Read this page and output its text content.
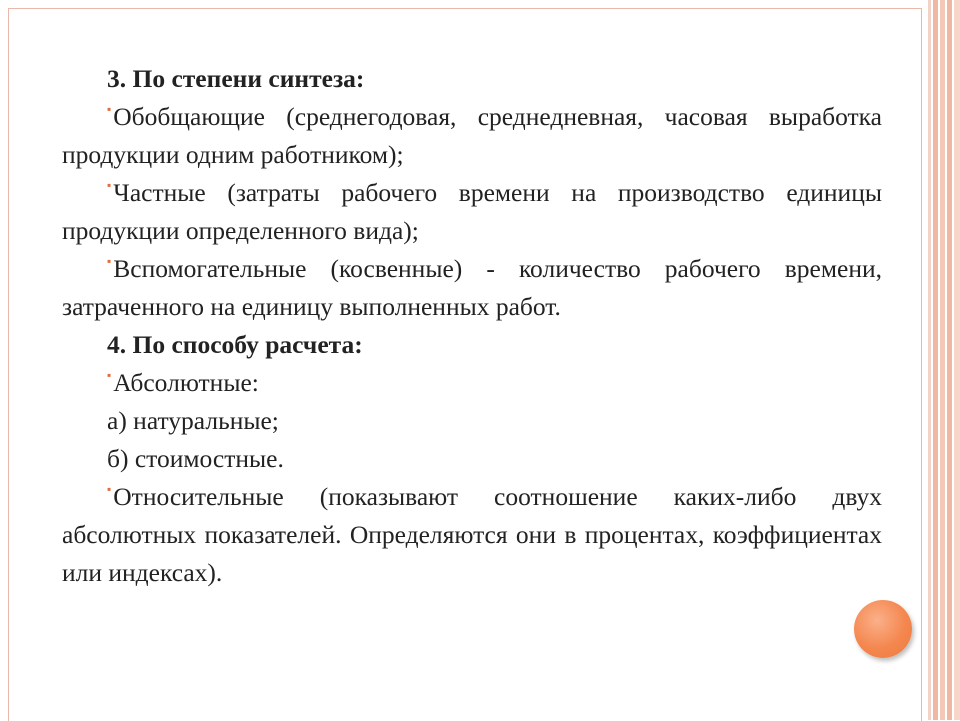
3. По степени синтеза:

▪Обобщающие (среднегодовая, среднедневная, часовая выработка продукции одним работником);

▪Частные (затраты рабочего времени на производство единицы продукции определенного вида);

▪Вспомогательные (косвенные) - количество рабочего времени, затраченного на единицу выполненных работ.

4. По способу расчета:

▪Абсолютные:

а) натуральные;

б) стоимостные.

▪Относительные (показывают соотношение каких-либо двух абсолютных показателей. Определяются они в процентах, коэффициентах или индексах).
